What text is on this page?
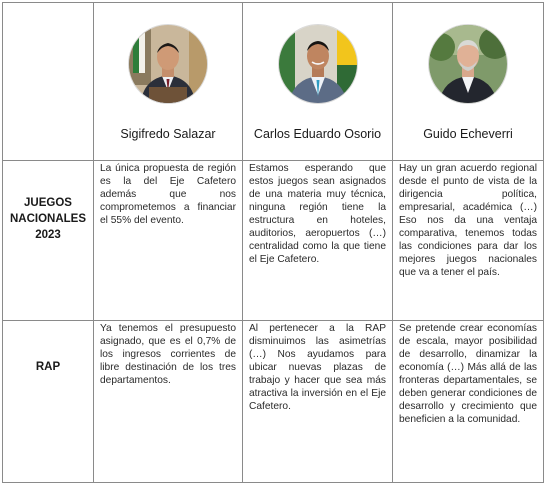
	Sigifredo Salazar	Carlos Eduardo Osorio	Guido Echeverri

JUEGOS NACIONALES 2023	La única propuesta de región es la del Eje Cafetero además que nos comprometemos a financiar el 55% del evento.	Estamos esperando que estos juegos sean asignados de una materia muy técnica, ninguna región tiene la estructura en hoteles, auditorios, aeropuertos (…) centralidad como la que tiene el Eje Cafetero.	Hay un gran acuerdo regional desde el punto de vista de la dirigencia política, empresarial, académica (…) Eso nos da una ventaja comparativa, tenemos todas las condiciones para dar los mejores juegos nacionales que va a tener el país.

RAP	Ya tenemos el presupuesto asignado, que es el 0,7% de los ingresos corrientes de libre destinación de los tres departamentos.	Al pertenecer a la RAP disminuimos las asimetrías (…) Nos ayudamos para ubicar nuevas plazas de trabajo y hacer que sea más atractiva la inversión en el Eje Cafetero.	Se pretende crear economías de escala, mayor posibilidad de desarrollo, dinamizar la economía (…) Más allá de las fronteras departamentales, se deben generar condiciones de desarrollo y crecimiento que beneficien a la comunidad.
